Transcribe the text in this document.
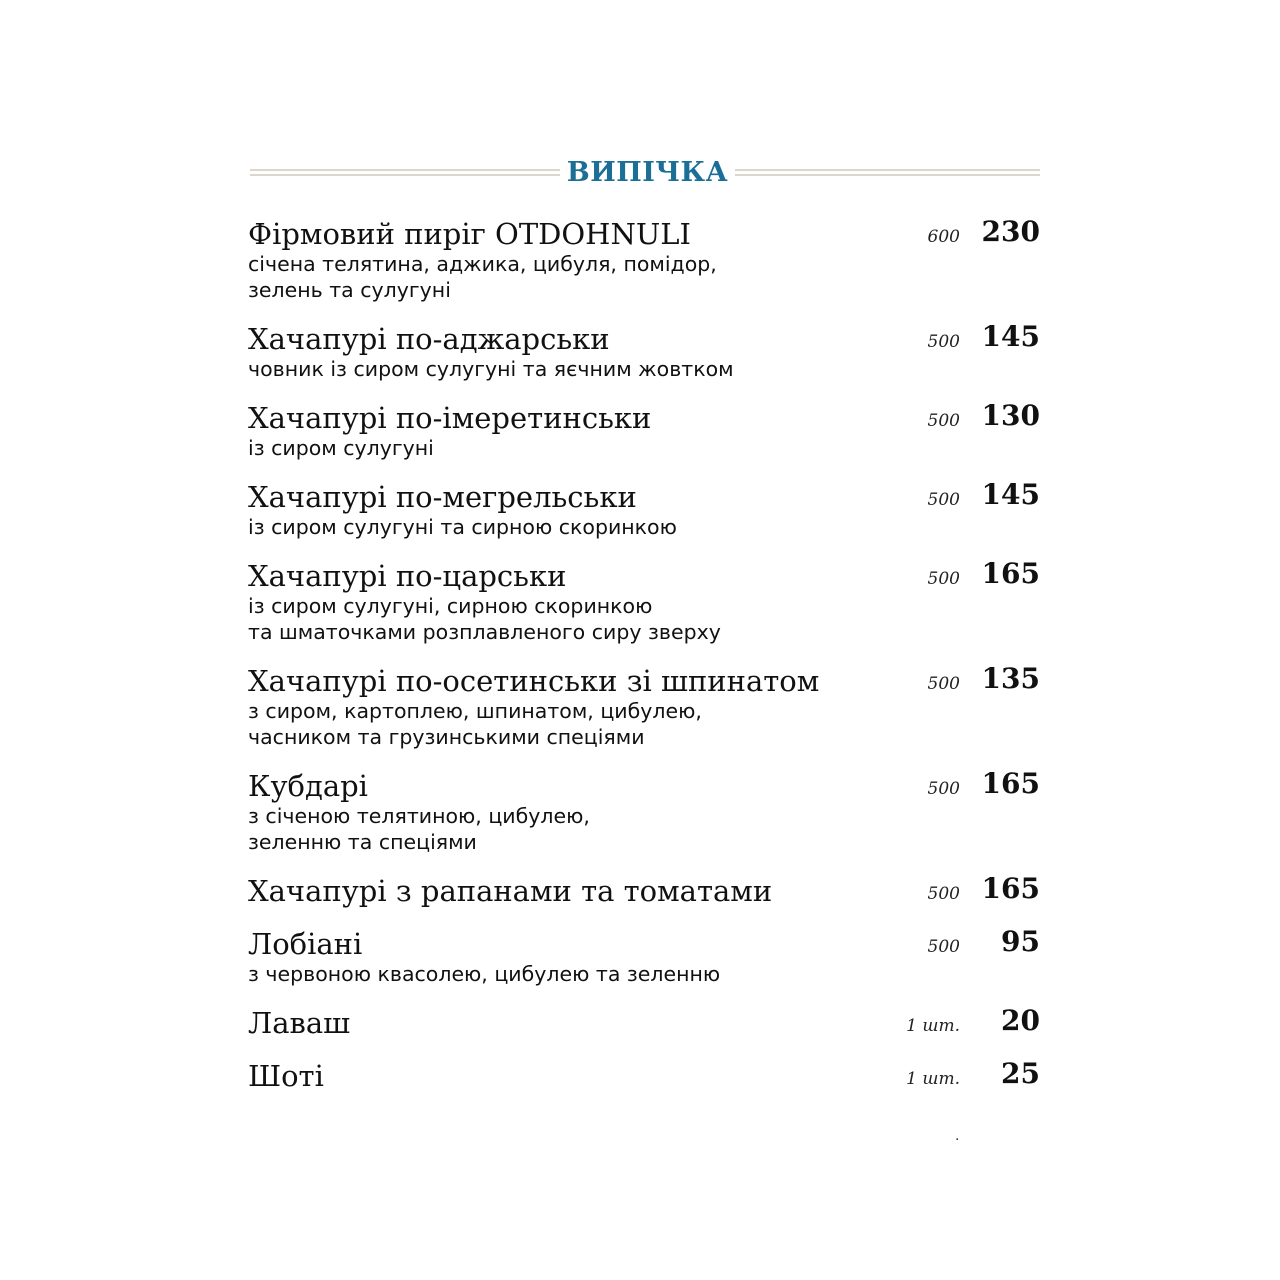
ВИПІЧКА
Фірмовий пиріг OTDOHNULI
січена телятина, аджика, цибуля, помідор,
зелень та сулугуні
600 230
Хачапурі по-аджарськи
човник із сиром сулугуні та яєчним жовтком
500 145
Хачапурі по-імеретинськи
із сиром сулугуні
500 130
Хачапурі по-мегрельськи
із сиром сулугуні та сирною скоринкою
500 145
Хачапурі по-царськи
із сиром сулугуні, сирною скоринкою
та шматочками розплавленого сиру зверху
500 165
Хачапурі по-осетинськи зі шпинатом
з сиром, картоплею, шпинатом, цибулею,
часником та грузинськими спеціями
500 135
Кубдарі
з січеною телятиною, цибулею,
зеленню та спеціями
500 165
Хачапурі з рапанами та томатами	500 165
Лобіані
з червоною квасолею, цибулею та зеленню
500 95
Лаваш	1 шт. 20
Шоті	1 шт. 25
.
